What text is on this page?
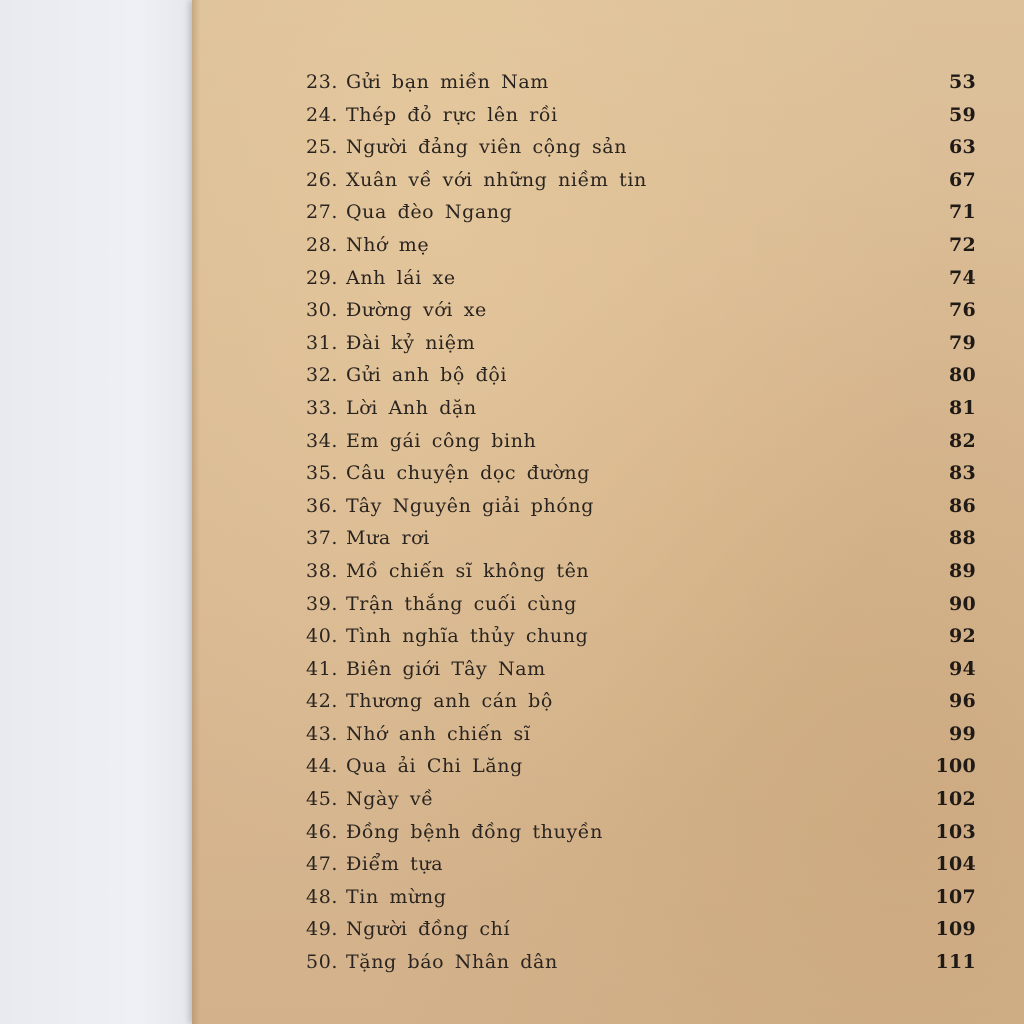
23. Gửi bạn miền Nam	53
24. Thép đỏ rực lên rồi	59
25. Người đảng viên cộng sản	63
26. Xuân về với những niềm tin	67
27. Qua đèo Ngang	71
28. Nhớ mẹ	72
29. Anh lái xe	74
30. Đường với xe	76
31. Đài kỷ niệm	79
32. Gửi anh bộ đội	80
33. Lời Anh dặn	81
34. Em gái công binh	82
35. Câu chuyện dọc đường	83
36. Tây Nguyên giải phóng	86
37. Mưa rơi	88
38. Mồ chiến sĩ không tên	89
39. Trận thắng cuối cùng	90
40. Tình nghĩa thủy chung	92
41. Biên giới Tây Nam	94
42. Thương anh cán bộ	96
43. Nhớ anh chiến sĩ	99
44. Qua ải Chi Lăng	100
45. Ngày về	102
46. Đồng bệnh đồng thuyền	103
47. Điểm tựa	104
48. Tin mừng	107
49. Người đồng chí	109
50. Tặng báo Nhân dân	111
